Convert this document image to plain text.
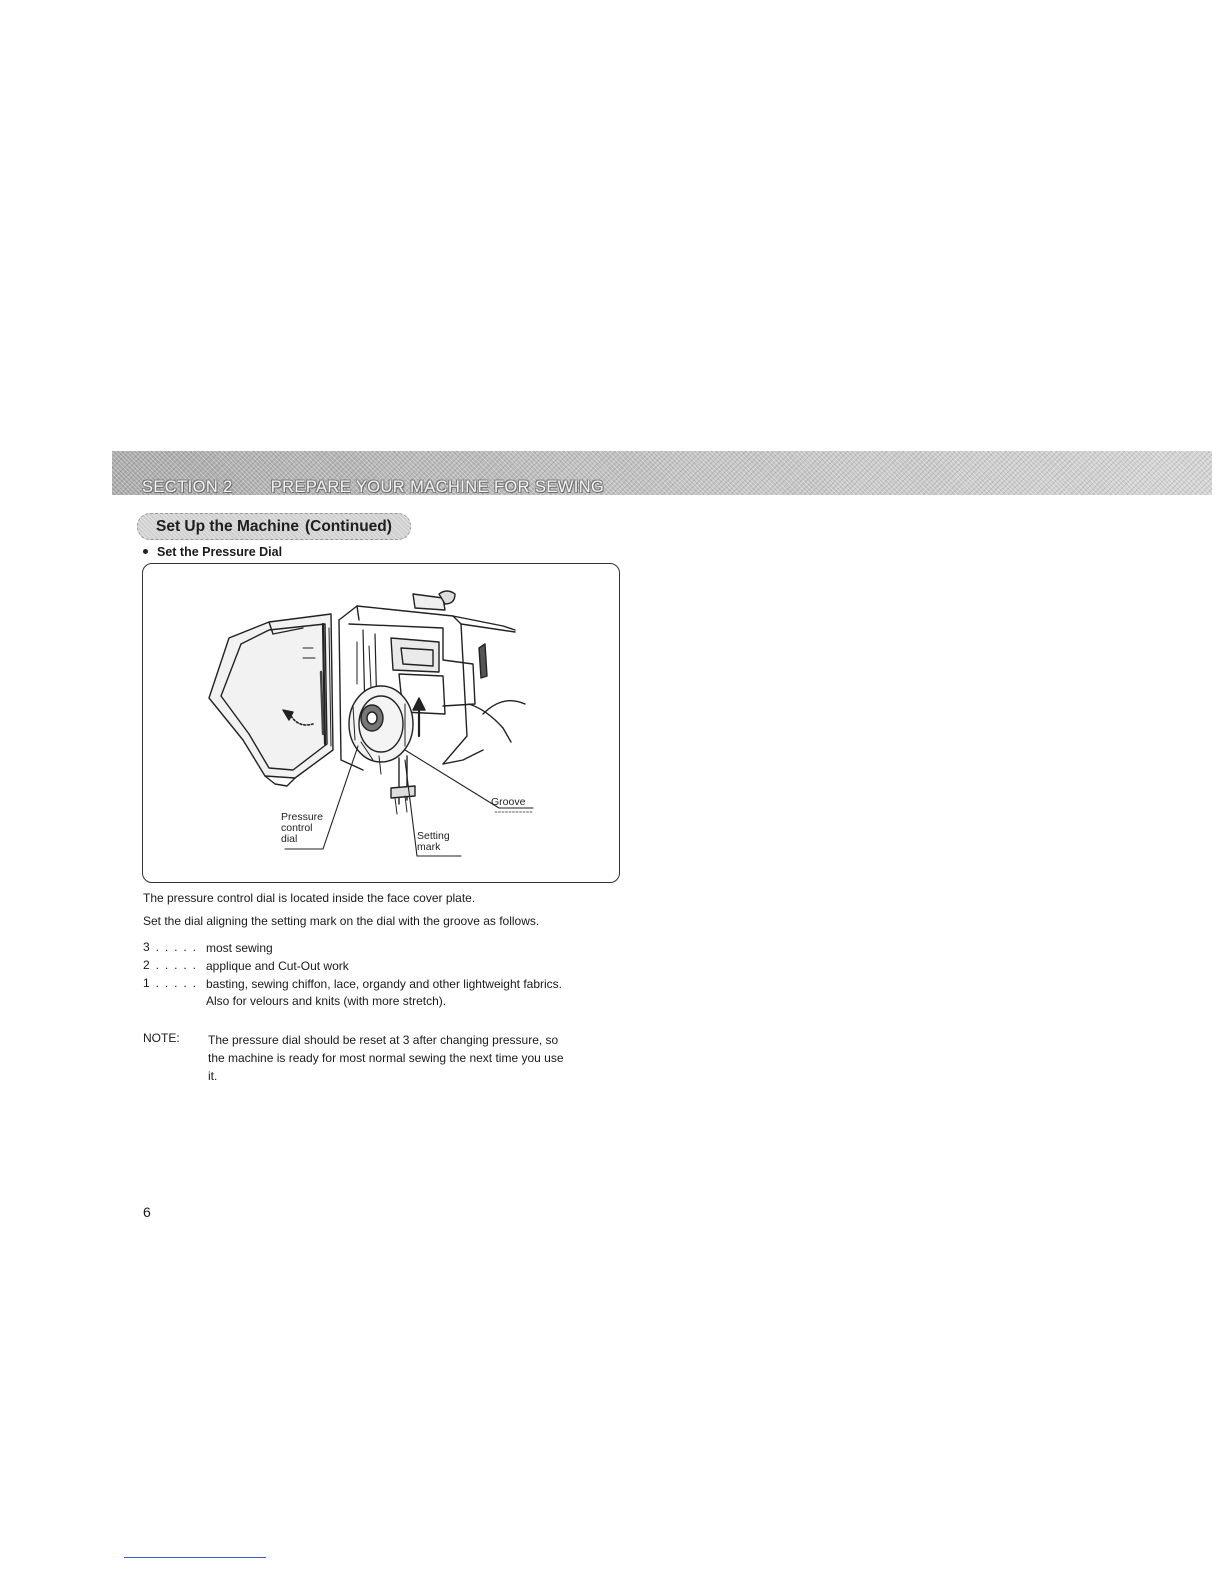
SECTION 2 PREPARE YOUR MACHINE FOR SEWING
Set Up the Machine (Continued)
Set the Pressure Dial
Pressure
control
dial	Setting
mark
Groove
The pressure control dial is located inside the face cover plate.
Set the dial aligning the setting mark on the dial with the groove as follows.
3 . . . . . most sewing
2 . . . . . applique and Cut-Out work
1 . . . . . basting, sewing chiffon, lace, organdy and other lightweight fabrics.
Also for velours and knits (with more stretch).
NOTE: The pressure dial should be reset at 3 after changing pressure, so
the machine is ready for most normal sewing the next time you use
it.
6
